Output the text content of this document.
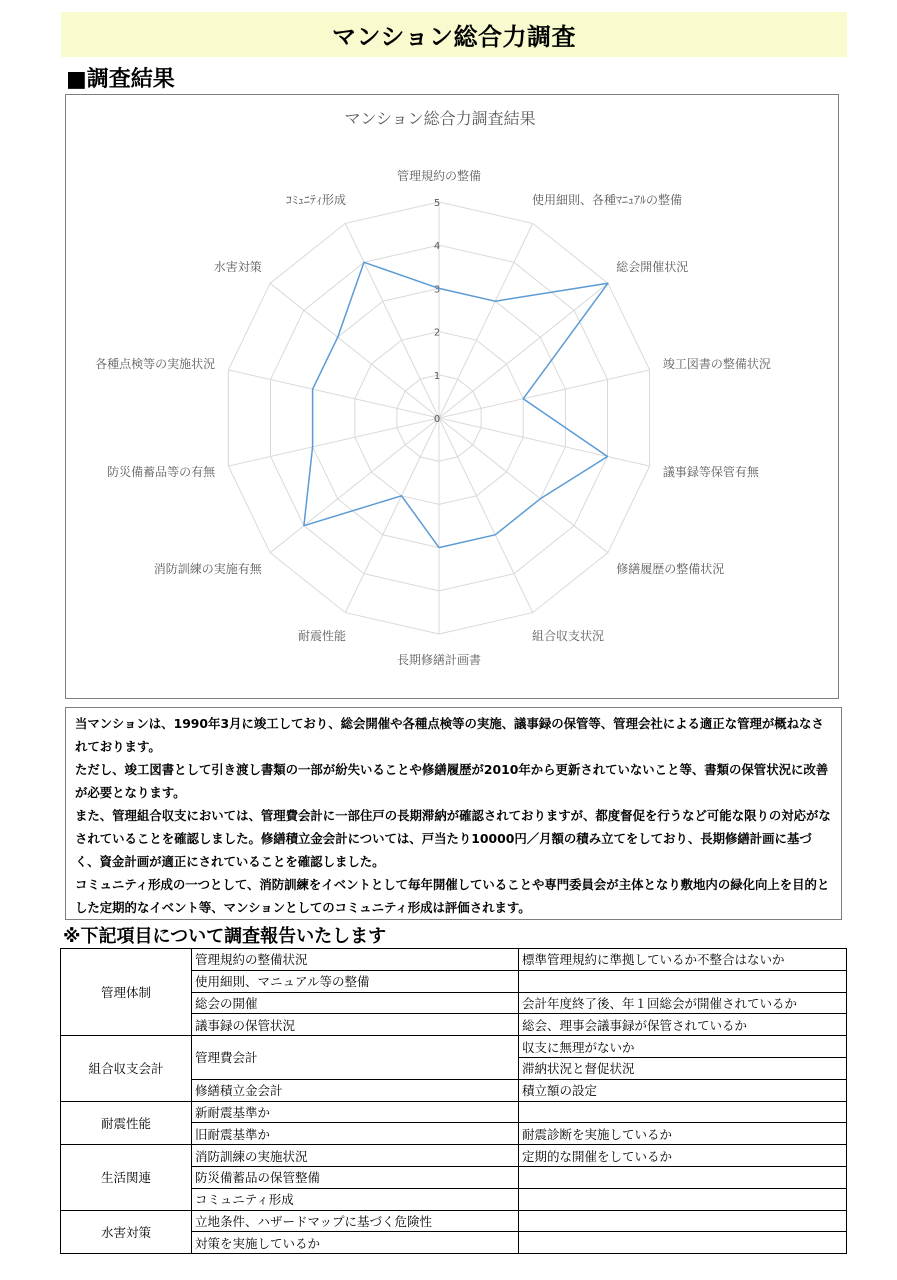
マンション総合力調査
■調査結果
マンション総合力調査結果
0
1
2
3
4
5
管理規約の整備
使用細則、各種ﾏﾆｭｱﾙの整備
総会開催状況
竣工図書の整備状況
議事録等保管有無
修繕履歴の整備状況
組合収支状況
長期修繕計画書
耐震性能
消防訓練の実施有無
防災備蓄品等の有無
各種点検等の実施状況
水害対策
ｺﾐｭﾆﾃｨ形成

当マンションは、1990年3月に竣工しており、総会開催や各種点検等の実施、議事録の保管等、管理会社による適正な管理が概ねなされております。

ただし、竣工図書として引き渡し書類の一部が紛失いることや修繕履歴が2010年から更新されていないこと等、書類の保管状況に改善が必要となります。

また、管理組合収支においては、管理費会計に一部住戸の長期滞納が確認されておりますが、都度督促を行うなど可能な限りの対応がなされていることを確認しました。修繕積立金会計については、戸当たり10000円／月額の積み立てをしており、長期修繕計画に基づく、資金計画が適正にされていることを確認しました。

コミュニティ形成の一つとして、消防訓練をイベントとして毎年開催していることや専門委員会が主体となり敷地内の緑化向上を目的とした定期的なイベント等、マンションとしてのコミュニティ形成は評価されます。

※下記項目について調査報告いたします
管理体制	管理規約の整備状況	標準管理規約に準拠しているか不整合はないか
	使用細則、マニュアル等の整備	
	総会の開催	会計年度終了後、年１回総会が開催されているか
	議事録の保管状況	総会、理事会議事録が保管されているか
組合収支会計	管理費会計	収支に無理がないか
		滞納状況と督促状況
	修繕積立金会計	積立額の設定
耐震性能	新耐震基準か	
	旧耐震基準か	耐震診断を実施しているか
生活関連	消防訓練の実施状況	定期的な開催をしているか
	防災備蓄品の保管整備	
	コミュニティ形成	
水害対策	立地条件、ハザードマップに基づく危険性	
	対策を実施しているか	
